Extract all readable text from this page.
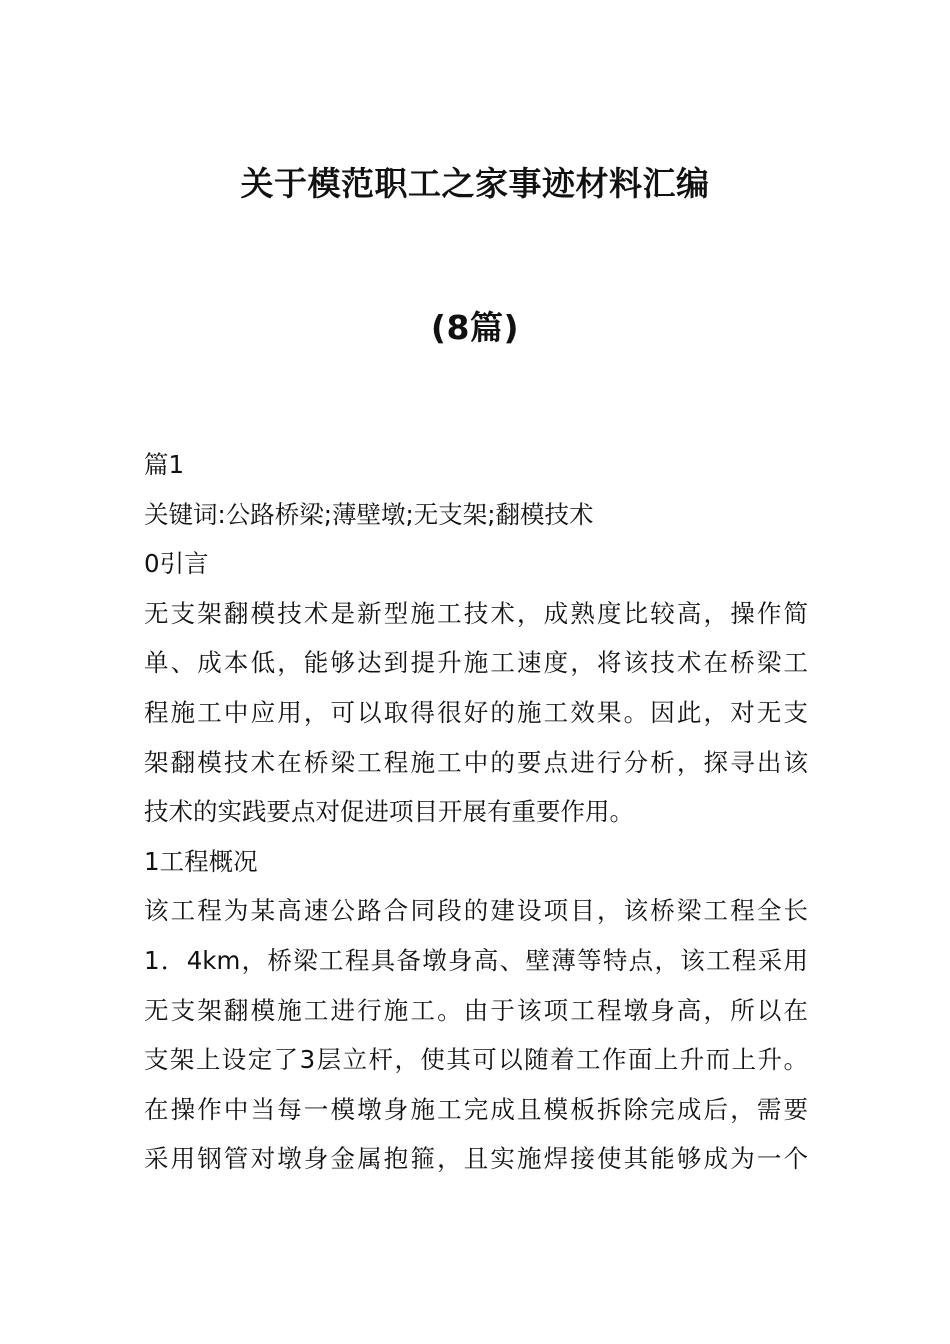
关于模范职工之家事迹材料汇编
(8篇)
篇1
关键词:公路桥梁;薄壁墩;无支架;翻模技术
0引言
无支架翻模技术是新型施工技术，成熟度比较高，操作简
单、成本低，能够达到提升施工速度，将该技术在桥梁工
程施工中应用，可以取得很好的施工效果。因此，对无支
架翻模技术在桥梁工程施工中的要点进行分析，探寻出该
技术的实践要点对促进项目开展有重要作用。
1工程概况
该工程为某高速公路合同段的建设项目，该桥梁工程全长
1．4km，桥梁工程具备墩身高、壁薄等特点，该工程采用
无支架翻模施工进行施工。由于该项工程墩身高，所以在
支架上设定了3层立杆，使其可以随着工作面上升而上升。
在操作中当每一模墩身施工完成且模板拆除完成后，需要
采用钢管对墩身金属抱箍，且实施焊接使其能够成为一个
